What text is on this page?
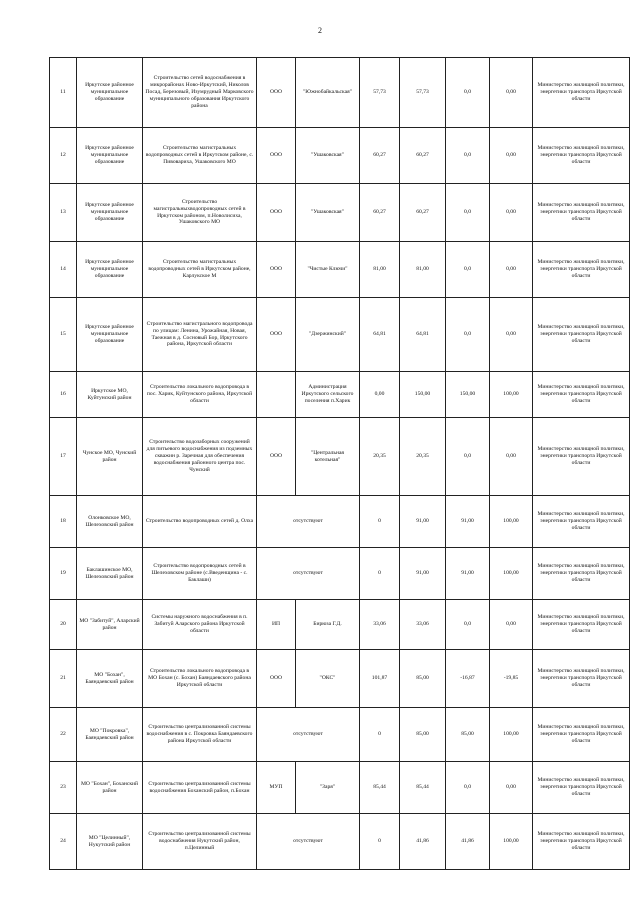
2
11	Иркутское районное муниципальное образование	Строительство сетей водоснабжения в микрорайонах Ново-Иркутский, Николов Посад, Березовый, Изумрудный Марковского муниципального образования Иркутского района	ООО	"Южнобайкальская"	57,73	57,73	0,0	0,00	Министерство жилищной политики, энергетики транспорта Иркутской области
12	Иркутское районное муниципальное образование	Строительство магистральных водопроводных сетей в Иркутском районе, с. Пивоварихa, Ушаковского МО	ООО	"Ушаковская"	60,27	60,27	0,0	0,00	Министерство жилищной политики, энергетики транспорта Иркутской области
13	Иркутское районное муниципальное образование	Строительство магистральныхводопроводных сетей в Иркутском районом, п.Новолисиха, Ушаковского МО	ООО	"Ушаковская"	60,27	60,27	0,0	0,00	Министерство жилищной политики, энергетики транспорта Иркутской области
14	Иркутское районное муниципальное образование	Строительство магистральных водопроводных сетей в Иркутском районе, Карлукское М	ООО	"Чистые Ключи"	81,00	81,00	0,0	0,00	Министерство жилищной политики, энергетики транспорта Иркутской области
15	Иркутское районное муниципальное образование	Строительство магистрального водопровода по улицам: Ленина, Урожайная, Новая, Таежная в д. Сосновый Бор, Иркутского района, Иркутской области	ООО	"Дзержинский"	64,81	64,81	0,0	0,00	Министерство жилищной политики, энергетики транспорта Иркутской области
16	Иркутское МО, Куйтунский район	Строительство локального водопровода в пос. Харик, Куйтунского района, Иркутской области		Администрация Иркутского сельского поселения п.Харик	0,00	150,00	150,00	100,00	Министерство жилищной политики, энергетики транспорта Иркутской области
17	Чунское МО, Чунский район	Строительство водозаборных сооружений для питьевого водоснабжения из подземных скважин р. Заречная для обеспечения водоснабжения районного центра пос. Чунский	ООО	"Центральная котельная"	20,35	20,35	0,0	0,00	Министерство жилищной политики, энергетики транспорта Иркутской области
18	Олонковское МО, Шелеховский район	Строительство водопроводных сетей д. Олха	отсутствуют		0	91,00	91,00	100,00	Министерство жилищной политики, энергетики транспорта Иркутской области
19	Баклашинское МО, Шелеховский район	Строительство водопроводных сетей в Шелеховском районе (с.Введенщина - с. Баклаши)	отсутствуют		0	91,00	91,00	100,00	Министерство жилищной политики, энергетики транспорта Иркутской области
20	МО "Забитуй", Аларский район	Системы наружного водоснабжения в п. Забитуй Аларского района Иркутской области	ИП	Бирюза Г.Д.	33,06	33,06	0,0	0,00	Министерство жилищной политики, энергетики транспорта Иркутской области
21	МО "Бохан", Баяндаевский район	Строительство локального водопровода в МО Бохан (с. Бохан) Баяндаевского района Иркутской области	ООО	"ОКС"	101,87	85,00	-16,87	-19,85	Министерство жилищной политики, энергетики транспорта Иркутской области
22	МО "Покровка", Баяндаевский район	Строительство централизованной системы водоснабжения в с. Покровка Баяндаевского района Иркутской области	отсутствуют		0	85,00	85,00	100,00	Министерство жилищной политики, энергетики транспорта Иркутской области
23	МО "Бохан", Боханский район	Строительство централизованной системы водоснабжения Боханский район, п.Бохан	МУП	"Заря"	85,44	85,44	0,0	0,00	Министерство жилищной политики, энергетики транспорта Иркутской области
24	МО "Целинный", Нукутский район	Строительство централизованной системы водоснабжения Нукутский район, п.Целинный	отсутствуют		0	41,86	41,86	100,00	Министерство жилищной политики, энергетики транспорта Иркутской области
